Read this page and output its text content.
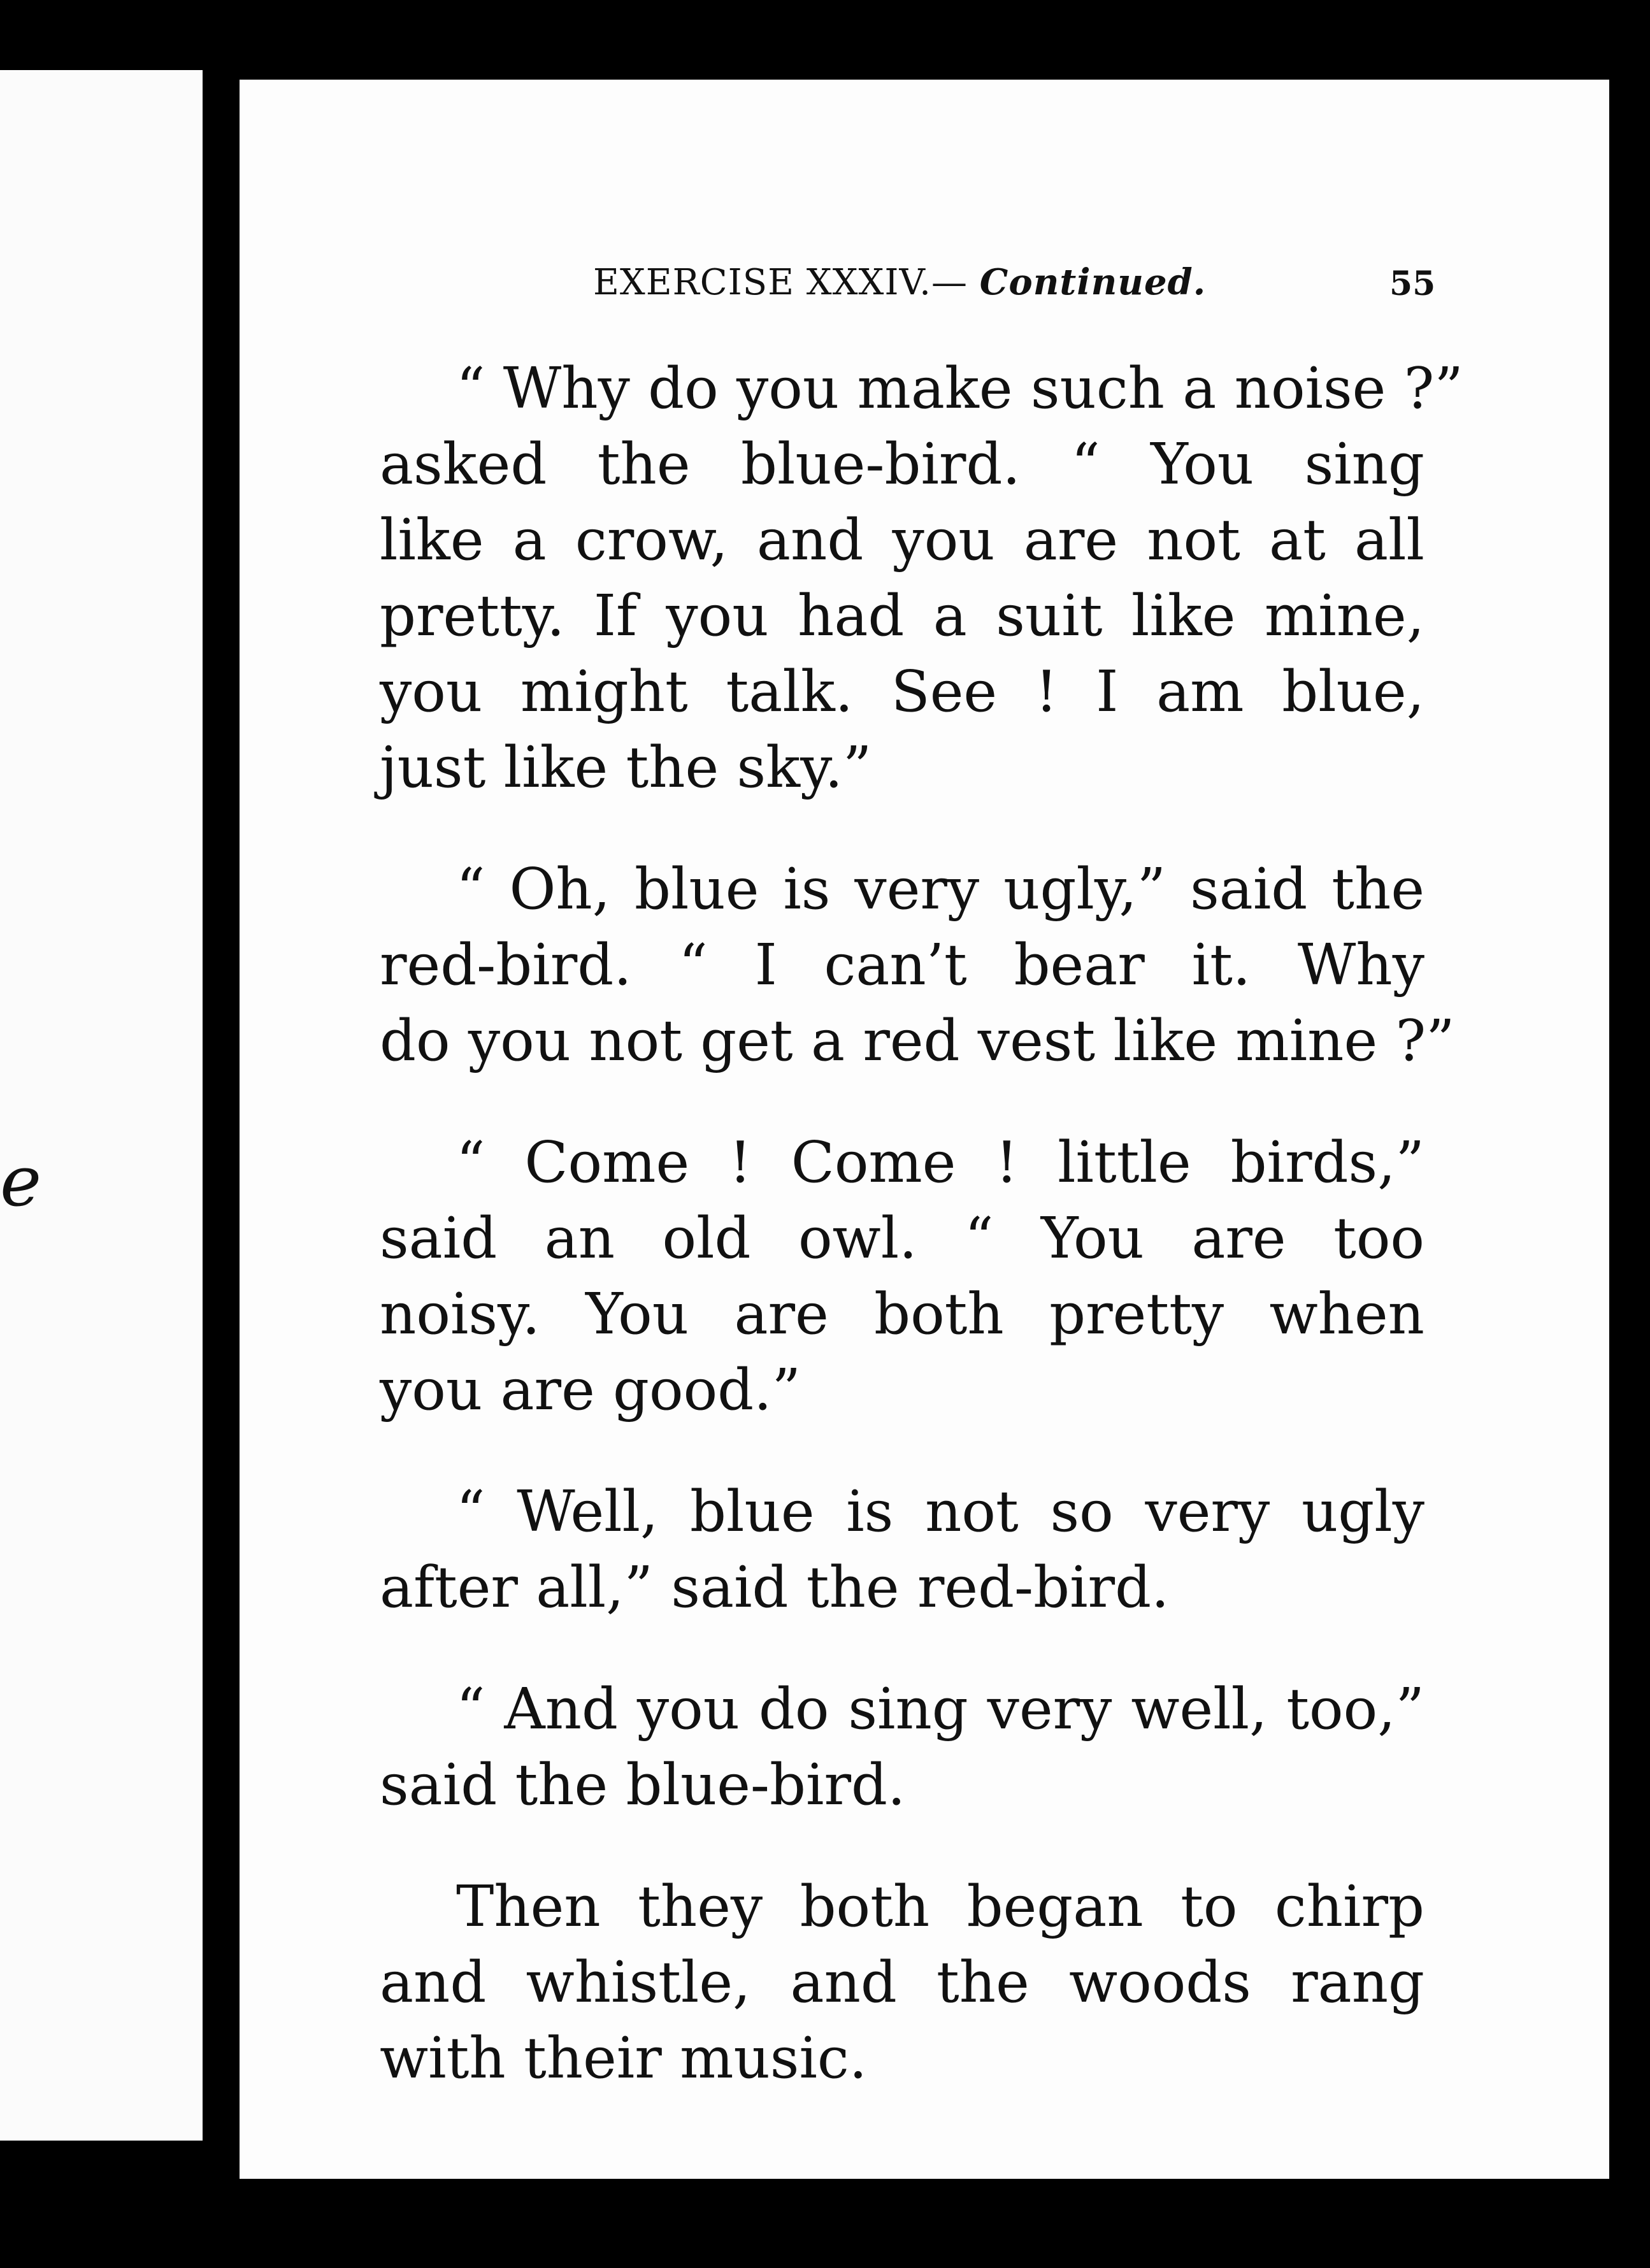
e
EXERCISE XXXIV.— Continued.	55

“ Why do you make such a noise ?”
asked the blue-bird. “ You sing
like a crow, and you are not at all
pretty. If you had a suit like mine,
you might talk. See ! I am blue,
just like the sky.”

“ Oh, blue is very ugly,” said the
red-bird. “ I can’t bear it. Why
do you not get a red vest like mine ?”

“ Come ! Come ! little birds,”
said an old owl. “ You are too
noisy. You are both pretty when
you are good.”

“ Well, blue is not so very ugly
after all,” said the red-bird.

“ And you do sing very well, too,”
said the blue-bird.

Then they both began to chirp
and whistle, and the woods rang
with their music.
